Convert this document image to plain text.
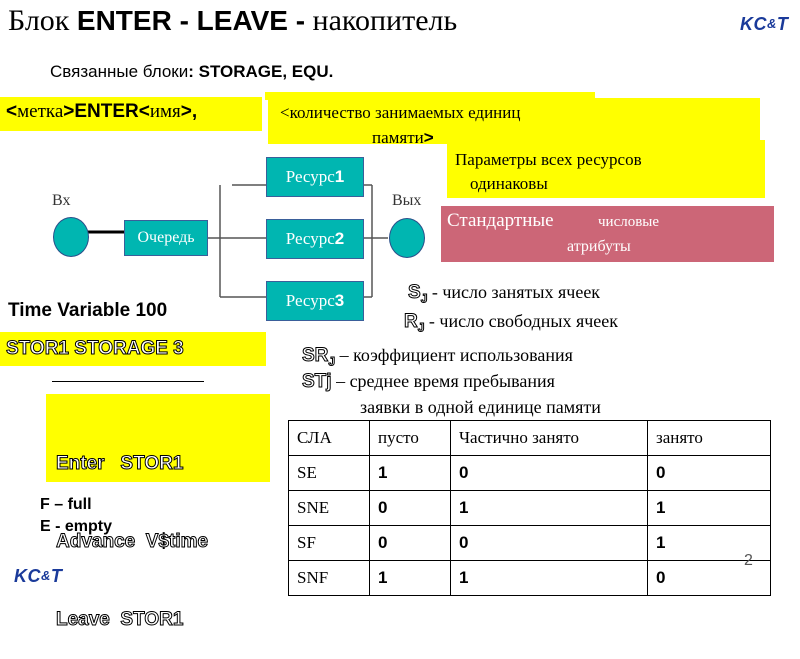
Блок ENTER - LEAVE - накопитель	KC&T
Связанные блоки: STORAGE, EQU.
<метка>ENTER<имя>,	<количество занимаемых единиц
памяти>
Параметры всех ресурсов
одинаковы
Стандартные	числовые
атрибуты
Вх	Вых
Очередь
Ресурс1
Ресурс2
Ресурс3
Time Variable 100
STOR1 STORAGE 3

Enter   STOR1

Advance  V$time

Leave  STOR1

F – full
E - empty
KC&T
$S_J$ - число занятых ячеек
$R_J$ - число свободных ячеек
$SR_J$ – коэффициент использования
STj – среднее время пребывания
заявки в одной единице памяти
СЛА	пусто	Частично занято	занято
SE	1	0	0
SNE	0	1	1
SF	0	0	1
SNF	1	1	0
2
